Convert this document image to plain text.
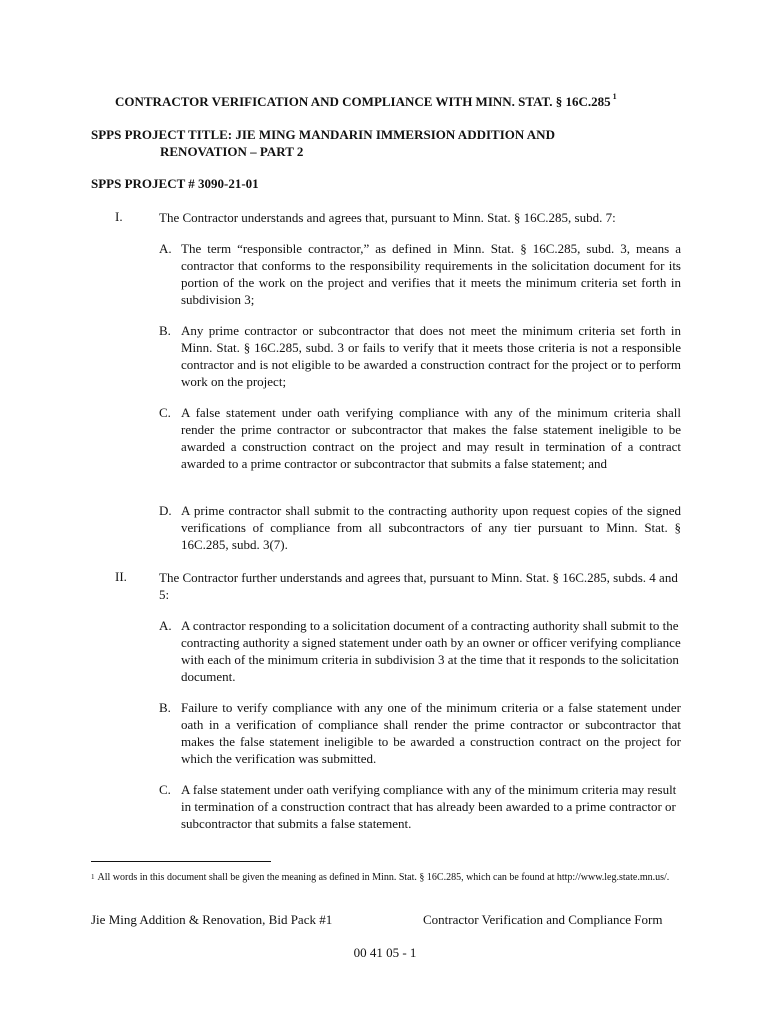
CONTRACTOR VERIFICATION AND COMPLIANCE WITH MINN. STAT. § 16C.285 $^1$
SPPS PROJECT TITLE: JIE MING MANDARIN IMMERSION ADDITION AND
RENOVATION – PART 2
SPPS PROJECT # 3090-21-01
I.	The Contractor understands and agrees that, pursuant to Minn. Stat. § 16C.285, subd. 7:
A. The term “responsible contractor,” as defined in Minn. Stat. § 16C.285, subd. 3, means a contractor that conforms to the responsibility requirements in the solicitation document for its portion of the work on the project and verifies that it meets the minimum criteria set forth in subdivision 3;
B. Any prime contractor or subcontractor that does not meet the minimum criteria set forth in Minn. Stat. § 16C.285, subd. 3 or fails to verify that it meets those criteria is not a responsible contractor and is not eligible to be awarded a construction contract for the project or to perform work on the project;
C. A false statement under oath verifying compliance with any of the minimum criteria shall render the prime contractor or subcontractor that makes the false statement ineligible to be awarded a construction contract on the project and may result in termination of a contract awarded to a prime contractor or subcontractor that submits a false statement; and
D. A prime contractor shall submit to the contracting authority upon request copies of the signed verifications of compliance from all subcontractors of any tier pursuant to Minn. Stat. § 16C.285, subd. 3(7).
II. The Contractor further understands and agrees that, pursuant to Minn. Stat. § 16C.285, subds. 4 and 5:
A. A contractor responding to a solicitation document of a contracting authority shall submit to the contracting authority a signed statement under oath by an owner or officer verifying compliance with each of the minimum criteria in subdivision 3 at the time that it responds to the solicitation document.
B. Failure to verify compliance with any one of the minimum criteria or a false statement under oath in a verification of compliance shall render the prime contractor or subcontractor that makes the false statement ineligible to be awarded a construction contract on the project for which the verification was submitted.
C. A false statement under oath verifying compliance with any of the minimum criteria may result in termination of a construction contract that has already been awarded to a prime contractor or subcontractor that submits a false statement.
$^1$ All words in this document shall be given the meaning as defined in Minn. Stat. § 16C.285, which can be found at http://www.leg.state.mn.us/.
Jie Ming Addition & Renovation, Bid Pack #1	Contractor Verification and Compliance Form
00 41 05 - 1
